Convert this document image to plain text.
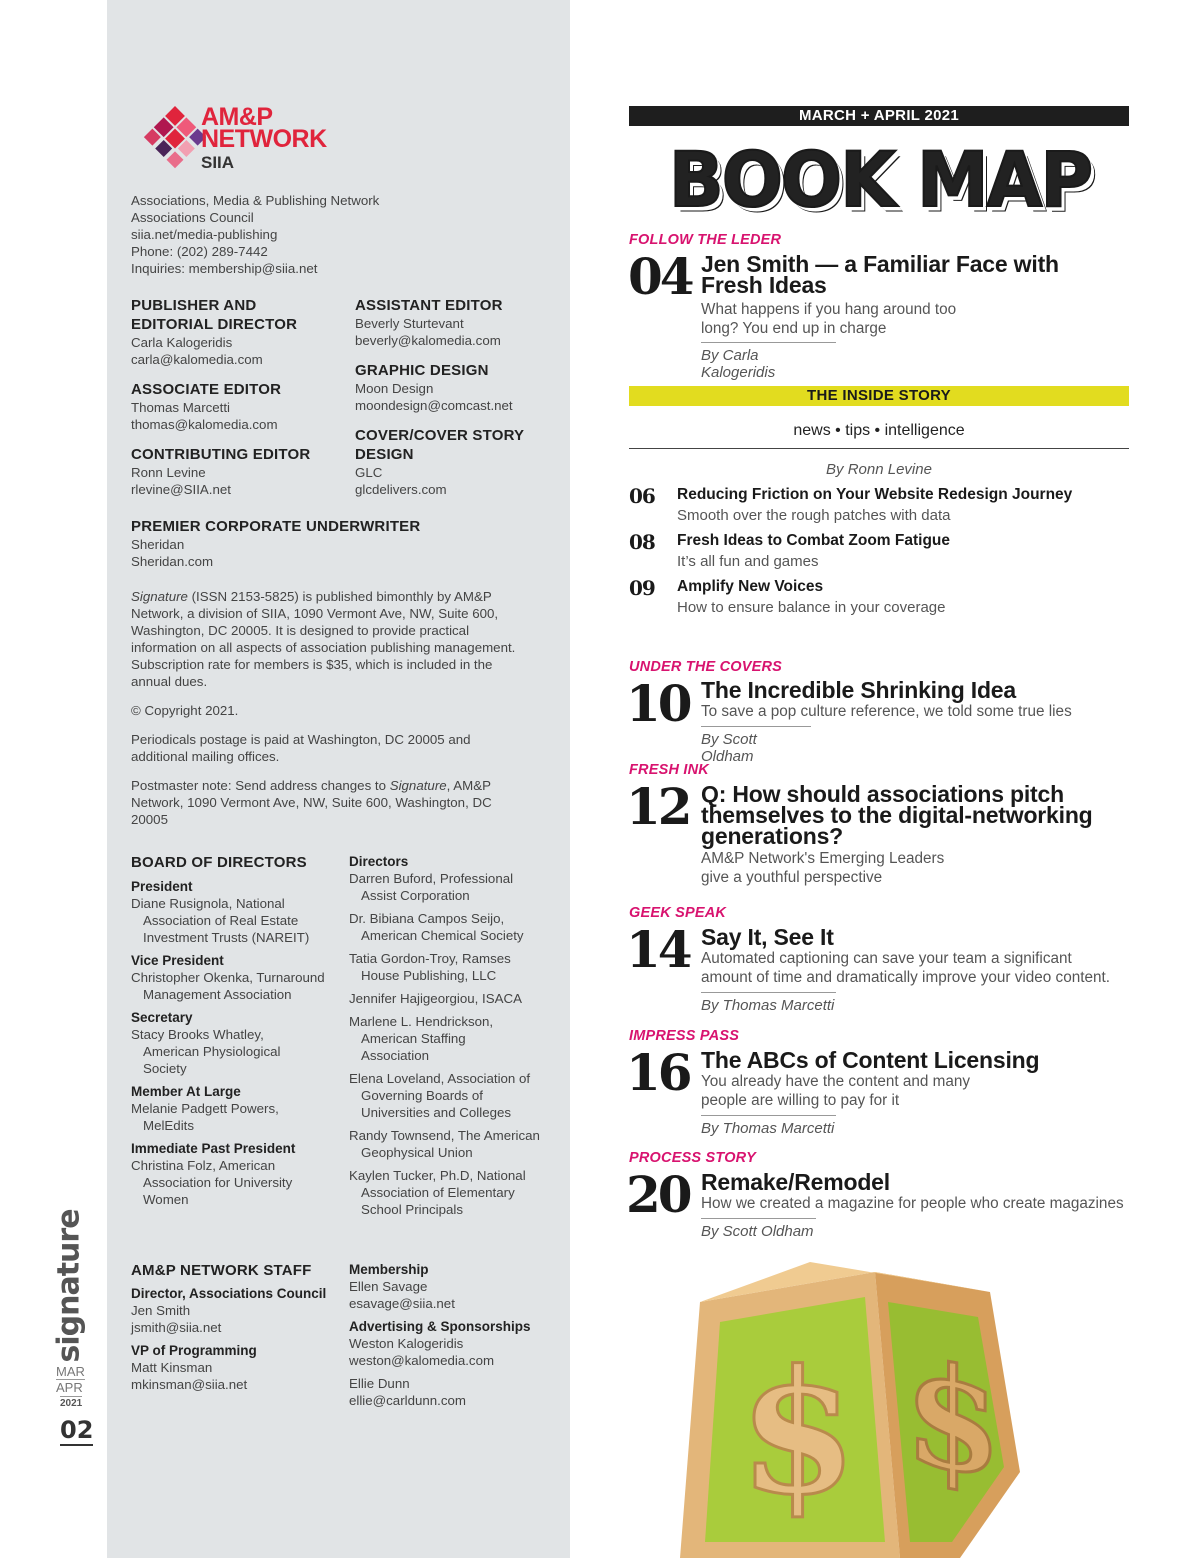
signature
MAR
APR
2021
02
AM&P
NETWORK
SIIA

Associations, Media & Publishing Network

Associations Council

siia.net/media-publishing

Phone: (202) 289-7442

Inquiries: membership@siia.net

PUBLISHER AND

EDITORIAL DIRECTOR

Carla Kalogeridis

carla@kalomedia.com

ASSOCIATE EDITOR

Thomas Marcetti

thomas@kalomedia.com

CONTRIBUTING EDITOR

Ronn Levine

rlevine@SIIA.net

ASSISTANT EDITOR

Beverly Sturtevant

beverly@kalomedia.com

GRAPHIC DESIGN

Moon Design

moondesign@comcast.net

COVER/COVER STORY

DESIGN

GLC

glcdelivers.com

PREMIER CORPORATE UNDERWRITER

Sheridan

Sheridan.com

Signature (ISSN 2153-5825) is published bimonthly by AM&P Network, a division of SIIA, 1090 Vermont Ave, NW, Suite 600, Washington, DC 20005. It is designed to provide practical information on all aspects of association publishing management. Subscription rate for members is $35, which is included in the annual dues.

© Copyright 2021.

Periodicals postage is paid at Washington, DC 20005 and additional mailing offices.

Postmaster note: Send address changes to Signature, AM&P Network, 1090 Vermont Ave, NW, Suite 600, Washington, DC 20005

BOARD OF DIRECTORS

President

Diane Rusignola, National Association of Real Estate Investment Trusts (NAREIT)

Vice President

Christopher Okenka, Turnaround Management Association

Secretary

Stacy Brooks Whatley, American Physiological Society

Member At Large

Melanie Padgett Powers, MelEdits

Immediate Past President

Christina Folz, American Association for University Women

Directors

Darren Buford, Professional Assist Corporation

Dr. Bibiana Campos Seijo, American Chemical Society

Tatia Gordon-Troy, Ramses House Publishing, LLC

Jennifer Hajigeorgiou, ISACA

Marlene L. Hendrickson, American Staffing Association

Elena Loveland, Association of Governing Boards of Universities and Colleges

Randy Townsend, The American Geophysical Union

Kaylen Tucker, Ph.D, National Association of Elementary School Principals

AM&P NETWORK STAFF

Director, Associations Council

Jen Smith

jsmith@siia.net

VP of Programming

Matt Kinsman

mkinsman@siia.net

Membership

Ellen Savage

esavage@siia.net

Advertising & Sponsorships

Weston Kalogeridis

weston@kalomedia.com

Ellie Dunn

ellie@carldunn.com

MARCH + APRIL 2021
BOOK MAP
FOLLOW THE LEDER
04 Jen Smith — a Familiar Face with
Fresh Ideas
What happens if you hang around too
long? You end up in charge
By Carla Kalogeridis
THE INSIDE STORY
news • tips • intelligence
By Ronn Levine
06 Reducing Friction on Your Website Redesign Journey
Smooth over the rough patches with data
08 Fresh Ideas to Combat Zoom Fatigue
It’s all fun and games
09 Amplify New Voices
How to ensure balance in your coverage
UNDER THE COVERS
10 The Incredible Shrinking Idea
To save a pop culture reference, we told some true lies
By Scott Oldham
FRESH INK
12 Q: How should associations pitch
themselves to the digital-networking
generations?
AM&P Network's Emerging Leaders
give a youthful perspective
GEEK SPEAK
14 Say It, See It
Automated captioning can save your team a significant
amount of time and dramatically improve your video content.
By Thomas Marcetti
IMPRESS PASS
16 The ABCs of Content Licensing
You already have the content and many
people are willing to pay for it
By Thomas Marcetti
PROCESS STORY
20 Remake/Remodel
How we created a magazine for people who create magazines
By Scott Oldham
$ $
